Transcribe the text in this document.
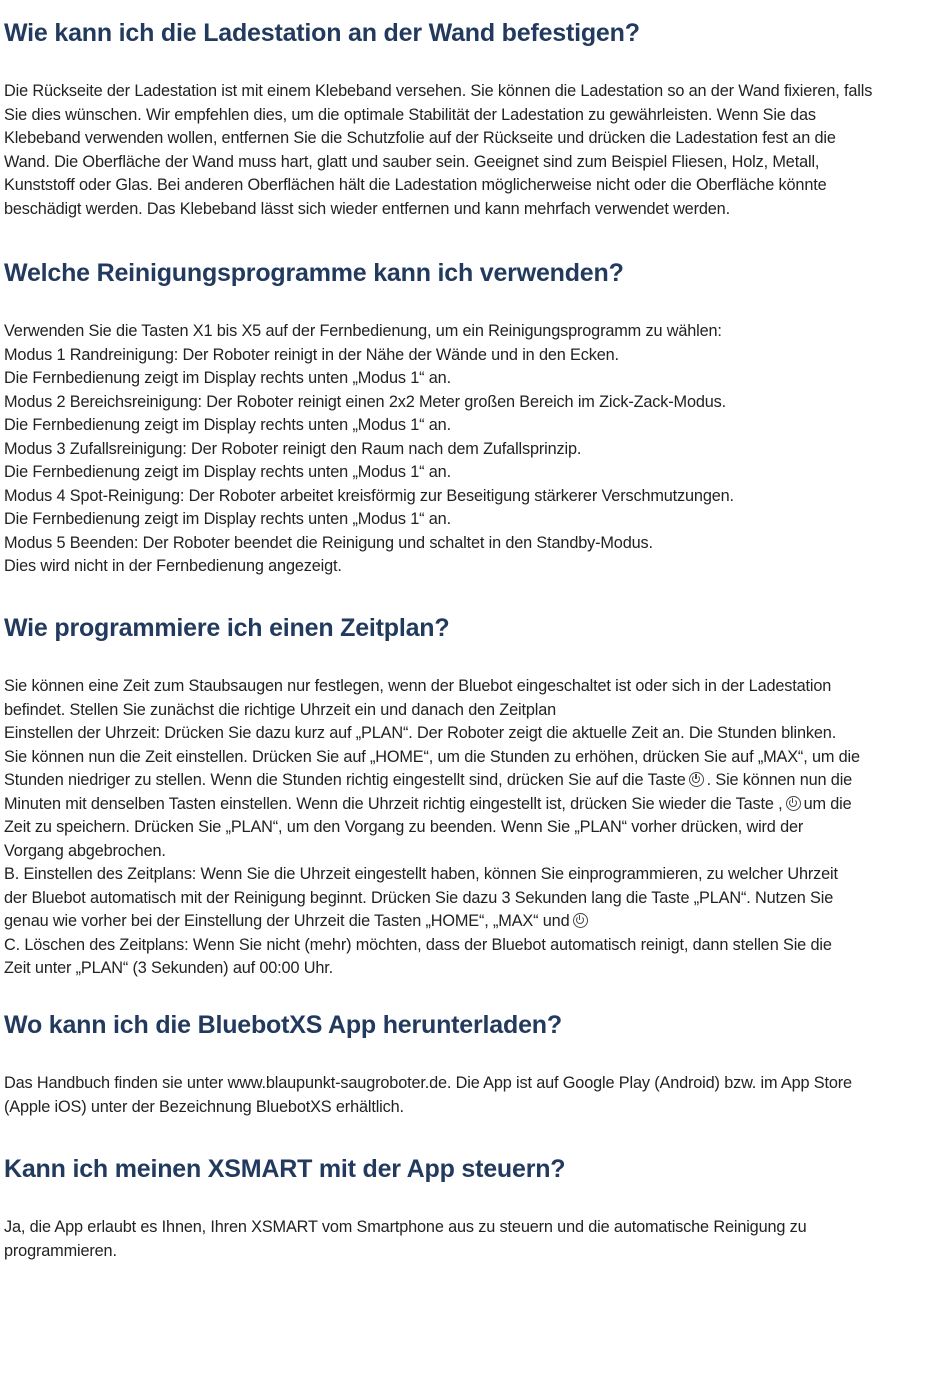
Wie kann ich die Ladestation an der Wand befestigen?

Die Rückseite der Ladestation ist mit einem Klebeband versehen. Sie können die Ladestation so an der Wand fixieren, falls
Sie dies wünschen. Wir empfehlen dies, um die optimale Stabilität der Ladestation zu gewährleisten. Wenn Sie das
Klebeband verwenden wollen, entfernen Sie die Schutzfolie auf der Rückseite und drücken die Ladestation fest an die
Wand. Die Oberfläche der Wand muss hart, glatt und sauber sein. Geeignet sind zum Beispiel Fliesen, Holz, Metall,
Kunststoff oder Glas. Bei anderen Oberflächen hält die Ladestation möglicherweise nicht oder die Oberfläche könnte
beschädigt werden. Das Klebeband lässt sich wieder entfernen und kann mehrfach verwendet werden.

Welche Reinigungsprogramme kann ich verwenden?

Verwenden Sie die Tasten X1 bis X5 auf der Fernbedienung, um ein Reinigungsprogramm zu wählen:
Modus 1 Randreinigung: Der Roboter reinigt in der Nähe der Wände und in den Ecken.
Die Fernbedienung zeigt im Display rechts unten „Modus 1“ an.
Modus 2 Bereichsreinigung: Der Roboter reinigt einen 2x2 Meter großen Bereich im Zick-Zack-Modus.
Die Fernbedienung zeigt im Display rechts unten „Modus 1“ an.
Modus 3 Zufallsreinigung: Der Roboter reinigt den Raum nach dem Zufallsprinzip.
Die Fernbedienung zeigt im Display rechts unten „Modus 1“ an.
Modus 4 Spot-Reinigung: Der Roboter arbeitet kreisförmig zur Beseitigung stärkerer Verschmutzungen.
Die Fernbedienung zeigt im Display rechts unten „Modus 1“ an.
Modus 5 Beenden: Der Roboter beendet die Reinigung und schaltet in den Standby-Modus.
Dies wird nicht in der Fernbedienung angezeigt.

Wie programmiere ich einen Zeitplan?

Sie können eine Zeit zum Staubsaugen nur festlegen, wenn der Bluebot eingeschaltet ist oder sich in der Ladestation
befindet. Stellen Sie zunächst die richtige Uhrzeit ein und danach den Zeitplan
Einstellen der Uhrzeit: Drücken Sie dazu kurz auf „PLAN“. Der Roboter zeigt die aktuelle Zeit an. Die Stunden blinken.
Sie können nun die Zeit einstellen. Drücken Sie auf „HOME“, um die Stunden zu erhöhen, drücken Sie auf „MAX“, um die
Stunden niedriger zu stellen. Wenn die Stunden richtig eingestellt sind, drücken Sie auf die Taste . Sie können nun die
Minuten mit denselben Tasten einstellen. Wenn die Uhrzeit richtig eingestellt ist, drücken Sie wieder die Taste , um die
Zeit zu speichern. Drücken Sie „PLAN“, um den Vorgang zu beenden. Wenn Sie „PLAN“ vorher drücken, wird der
Vorgang abgebrochen.
B. Einstellen des Zeitplans: Wenn Sie die Uhrzeit eingestellt haben, können Sie einprogrammieren, zu welcher Uhrzeit
der Bluebot automatisch mit der Reinigung beginnt. Drücken Sie dazu 3 Sekunden lang die Taste „PLAN“. Nutzen Sie
genau wie vorher bei der Einstellung der Uhrzeit die Tasten „HOME“, „MAX“ und
C. Löschen des Zeitplans: Wenn Sie nicht (mehr) möchten, dass der Bluebot automatisch reinigt, dann stellen Sie die
Zeit unter „PLAN“ (3 Sekunden) auf 00:00 Uhr.

Wo kann ich die BluebotXS App herunterladen?

Das Handbuch finden sie unter www.blaupunkt-saugroboter.de. Die App ist auf Google Play (Android) bzw. im App Store
(Apple iOS) unter der Bezeichnung BluebotXS erhältlich.

Kann ich meinen XSMART mit der App steuern?

Ja, die App erlaubt es Ihnen, Ihren XSMART vom Smartphone aus zu steuern und die automatische Reinigung zu
programmieren.
